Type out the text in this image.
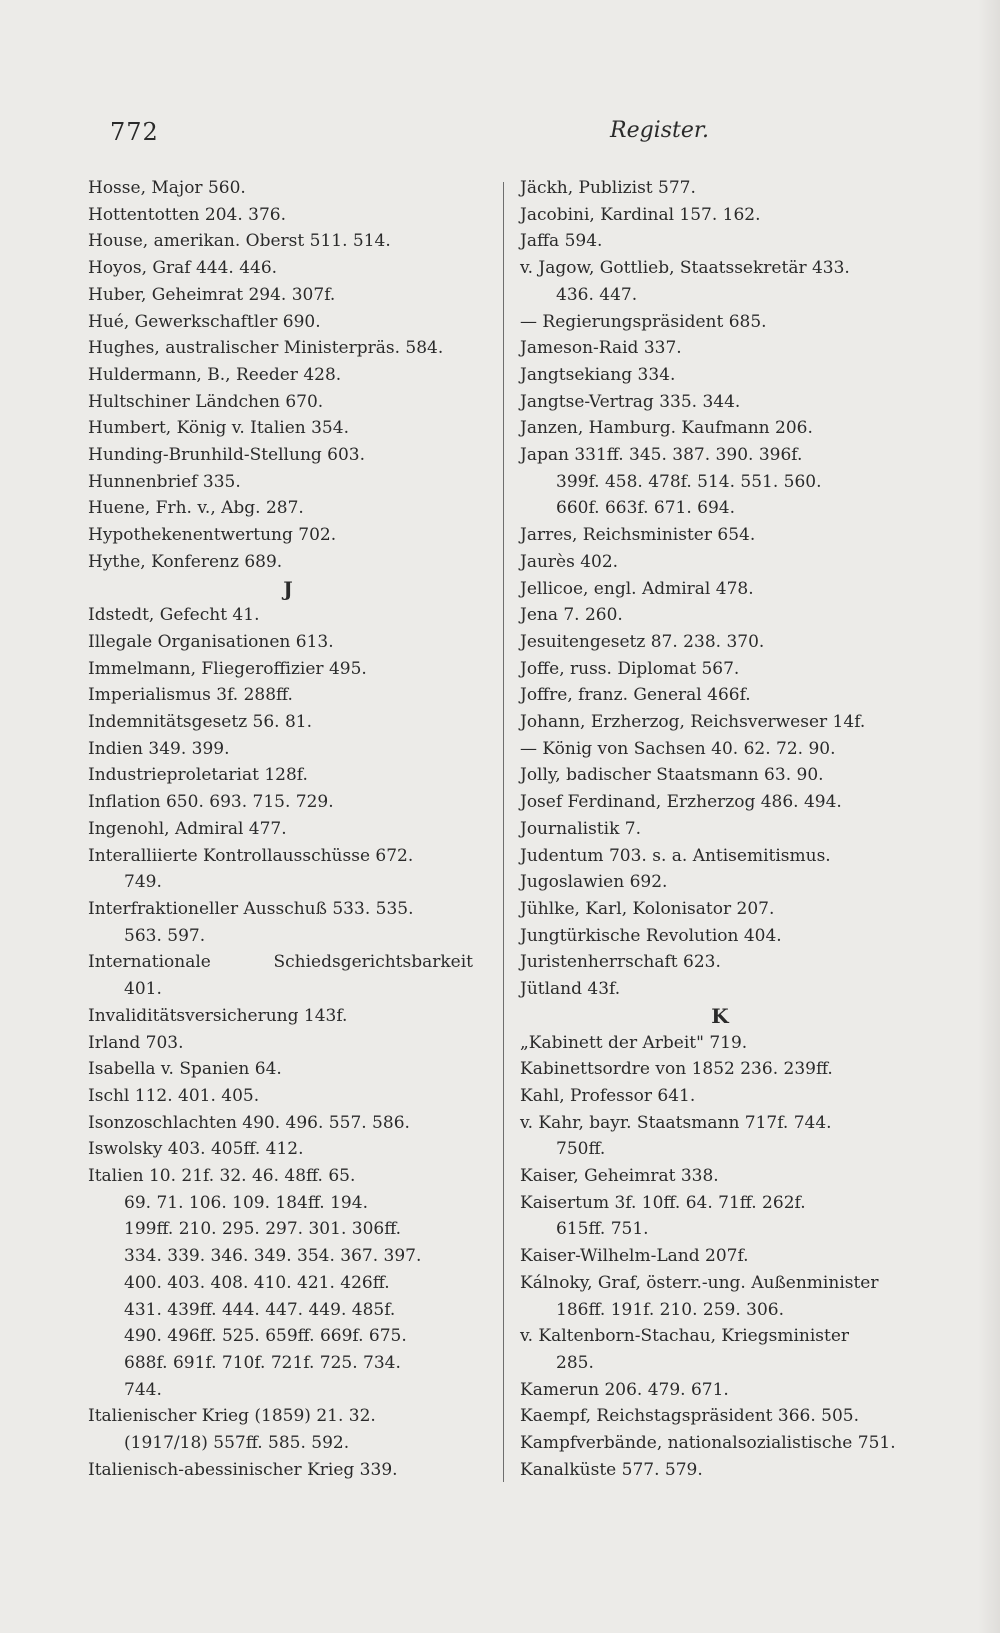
772	Register.
Hosse, Major 560.
Hottentotten 204. 376.
House, amerikan. Oberst 511. 514.
Hoyos, Graf 444. 446.
Huber, Geheimrat 294. 307f.
Hué, Gewerkschaftler 690.
Hughes, australischer Ministerpräs. 584.
Huldermann, B., Reeder 428.
Hultschiner Ländchen 670.
Humbert, König v. Italien 354.
Hunding-Brunhild-Stellung 603.
Hunnenbrief 335.
Huene, Frh. v., Abg. 287.
Hypothekenentwertung 702.
Hythe, Konferenz 689.
J
Idstedt, Gefecht 41.
Illegale Organisationen 613.
Immelmann, Fliegeroffizier 495.
Imperialismus 3f. 288ff.
Indemnitätsgesetz 56. 81.
Indien 349. 399.
Industrieproletariat 128f.
Inflation 650. 693. 715. 729.
Ingenohl, Admiral 477.
Interalliierte Kontrollausschüsse 672.
749.
Interfraktioneller Ausschuß 533. 535.
563. 597.
Internationale	Schiedsgerichtsbarkeit
401.
Invaliditätsversicherung 143f.
Irland 703.
Isabella v. Spanien 64.
Ischl 112. 401. 405.
Isonzoschlachten 490. 496. 557. 586.
Iswolsky 403. 405ff. 412.
Italien 10. 21f. 32. 46. 48ff. 65.
69. 71. 106. 109. 184ff. 194.
199ff. 210. 295. 297. 301. 306ff.
334. 339. 346. 349. 354. 367. 397.
400. 403. 408. 410. 421. 426ff.
431. 439ff. 444. 447. 449. 485f.
490. 496ff. 525. 659ff. 669f. 675.
688f. 691f. 710f. 721f. 725. 734.
744.
Italienischer Krieg (1859) 21. 32.
(1917/18) 557ff. 585. 592.
Italienisch-abessinischer Krieg 339.
Jäckh, Publizist 577.
Jacobini, Kardinal 157. 162.
Jaffa 594.
v. Jagow, Gottlieb, Staatssekretär 433.
436. 447.
— Regierungspräsident 685.
Jameson-Raid 337.
Jangtsekiang 334.
Jangtse-Vertrag 335. 344.
Janzen, Hamburg. Kaufmann 206.
Japan 331ff. 345. 387. 390. 396f.
399f. 458. 478f. 514. 551. 560.
660f. 663f. 671. 694.
Jarres, Reichsminister 654.
Jaurès 402.
Jellicoe, engl. Admiral 478.
Jena 7. 260.
Jesuitengesetz 87. 238. 370.
Joffe, russ. Diplomat 567.
Joffre, franz. General 466f.
Johann, Erzherzog, Reichsverweser 14f.
— König von Sachsen 40. 62. 72. 90.
Jolly, badischer Staatsmann 63. 90.
Josef Ferdinand, Erzherzog 486. 494.
Journalistik 7.
Judentum 703. s. a. Antisemitismus.
Jugoslawien 692.
Jühlke, Karl, Kolonisator 207.
Jungtürkische Revolution 404.
Juristenherrschaft 623.
Jütland 43f.
K
„Kabinett der Arbeit" 719.
Kabinettsordre von 1852 236. 239ff.
Kahl, Professor 641.
v. Kahr, bayr. Staatsmann 717f. 744.
750ff.
Kaiser, Geheimrat 338.
Kaisertum 3f. 10ff. 64. 71ff. 262f.
615ff. 751.
Kaiser-Wilhelm-Land 207f.
Kálnoky, Graf, österr.-ung. Außenminister
186ff. 191f. 210. 259. 306.
v. Kaltenborn-Stachau, Kriegsminister
285.
Kamerun 206. 479. 671.
Kaempf, Reichstagspräsident 366. 505.
Kampfverbände, nationalsozialistische 751.
Kanalküste 577. 579.
